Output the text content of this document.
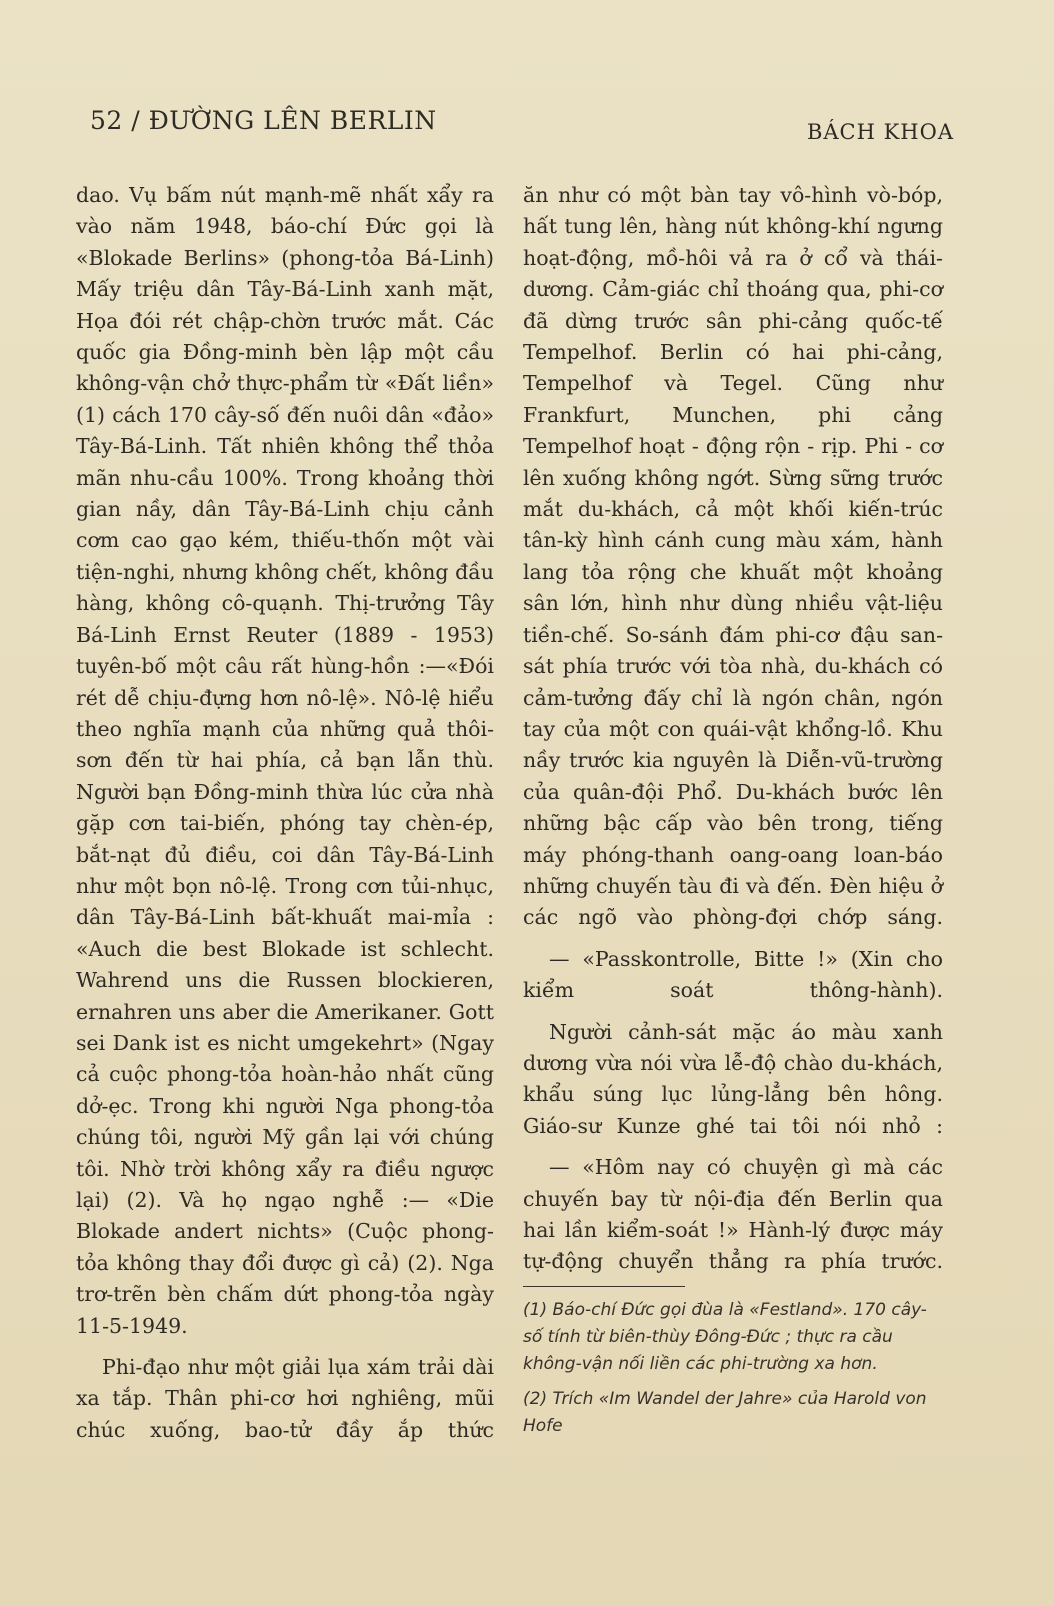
52 / ĐƯỜNG LÊN BERLIN	BÁCH KHOA

dao. Vụ bấm nút mạnh-mẽ nhất xẩy ra vào năm 1948, báo-chí Đức gọi là «Blokade Berlins» (phong-tỏa Bá-Linh) Mấy triệu dân Tây-Bá-Linh xanh mặt, Họa đói rét chập-chờn trước mắt. Các quốc gia Đồng-minh bèn lập một cầu không-vận chở thực-phẩm từ «Đất liền» (1) cách 170 cây-số đến nuôi dân «đảo» Tây-Bá-Linh. Tất nhiên không thể thỏa mãn nhu-cầu 100%. Trong khoảng thời gian nầy, dân Tây-Bá-Linh chịu cảnh cơm cao gạo kém, thiếu-thốn một vài tiện-nghi, nhưng không chết, không đầu hàng, không cô-quạnh. Thị-trưởng Tây Bá-Linh Ernst Reuter (1889 - 1953) tuyên-bố một câu rất hùng-hồn :—«Đói rét dễ chịu-đựng hơn nô-lệ». Nô-lệ hiểu theo nghĩa mạnh của những quả thôi-sơn đến từ hai phía, cả bạn lẫn thù. Người bạn Đồng-minh thừa lúc cửa nhà gặp cơn tai-biến, phóng tay chèn-ép, bắt-nạt đủ điều, coi dân Tây-Bá-Linh như một bọn nô-lệ. Trong cơn tủi-nhục, dân Tây-Bá-Linh bất-khuất mai-mỉa : «Auch die best Blokade ist schlecht. Wahrend uns die Russen blockieren, ernahren uns aber die Amerikaner. Gott sei Dank ist es nicht umgekehrt» (Ngay cả cuộc phong-tỏa hoàn-hảo nhất cũng dở-ẹc. Trong khi người Nga phong-tỏa chúng tôi, người Mỹ gần lại với chúng tôi. Nhờ trời không xẩy ra điều ngược lại) (2). Và họ ngạo nghễ :— «Die Blokade andert nichts» (Cuộc phong-tỏa không thay đổi được gì cả) (2). Nga trơ-trẽn bèn chấm dứt phong-tỏa ngày 11-5-1949.

Phi-đạo như một giải lụa xám trải dài xa tắp. Thân phi-cơ hơi nghiêng, mũi chúc xuống, bao-tử đầy ắp thức

ăn như có một bàn tay vô-hình vò-bóp, hất tung lên, hàng nút không-khí ngưng hoạt-động, mồ-hôi vả ra ở cổ và thái-dương. Cảm-giác chỉ thoáng qua, phi-cơ đã dừng trước sân phi-cảng quốc-tế Tempelhof. Berlin có hai phi-cảng, Tempelhof và Tegel. Cũng như Frankfurt, Munchen, phi cảng Tempelhof hoạt - động rộn - rịp. Phi - cơ lên xuống không ngớt. Sừng sững trước mắt du-khách, cả một khối kiến-trúc tân-kỳ hình cánh cung màu xám, hành lang tỏa rộng che khuất một khoảng sân lớn, hình như dùng nhiều vật-liệu tiền-chế. So-sánh đám phi-cơ đậu san-sát phía trước với tòa nhà, du-khách có cảm-tưởng đấy chỉ là ngón chân, ngón tay của một con quái-vật khổng-lồ. Khu nầy trước kia nguyên là Diễn-vũ-trường của quân-đội Phổ. Du-khách bước lên những bậc cấp vào bên trong, tiếng máy phóng-thanh oang-oang loan-báo những chuyến tàu đi và đến. Đèn hiệu ở các ngõ vào phòng-đợi chớp sáng.

— «Passkontrolle, Bitte !» (Xin cho kiểm soát thông-hành).

Người cảnh-sát mặc áo màu xanh dương vừa nói vừa lễ-độ chào du-khách, khẩu súng lục lủng-lẳng bên hông. Giáo-sư Kunze ghé tai tôi nói nhỏ :

— «Hôm nay có chuyện gì mà các chuyến bay từ nội-địa đến Berlin qua hai lần kiểm-soát !» Hành-lý được máy tự-động chuyển thẳng ra phía trước.

(1) Báo-chí Đức gọi đùa là «Festland». 170 cây-số tính từ biên-thùy Đông-Đức ; thực ra cầu không-vận nối liền các phi-trường xa hơn.

(2) Trích «Im Wandel der Jahre» của Harold von Hofe
